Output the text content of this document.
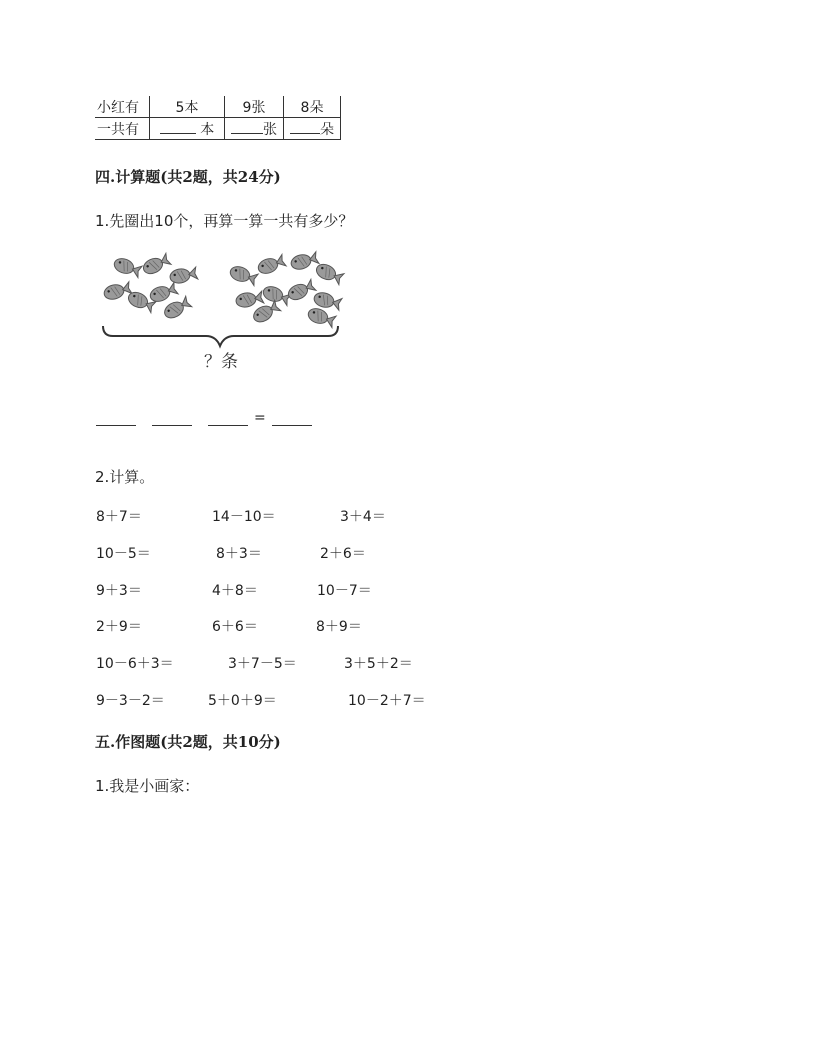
小红有	5本	9张	8朵
一共有	本	张	朵
四.计算题(共2题，共24分)
1.先圈出10个，再算一算一共有多少？
？条
=
2.计算。
8＋7＝	14－10＝	3＋4＝
10－5＝	8＋3＝	2＋6＝
9＋3＝	4＋8＝	10－7＝
2＋9＝	6＋6＝	8＋9＝
10－6＋3＝	3＋7－5＝	3＋5＋2＝
9－3－2＝	5＋0＋9＝	10－2＋7＝
五.作图题(共2题，共10分)
1.我是小画家：
